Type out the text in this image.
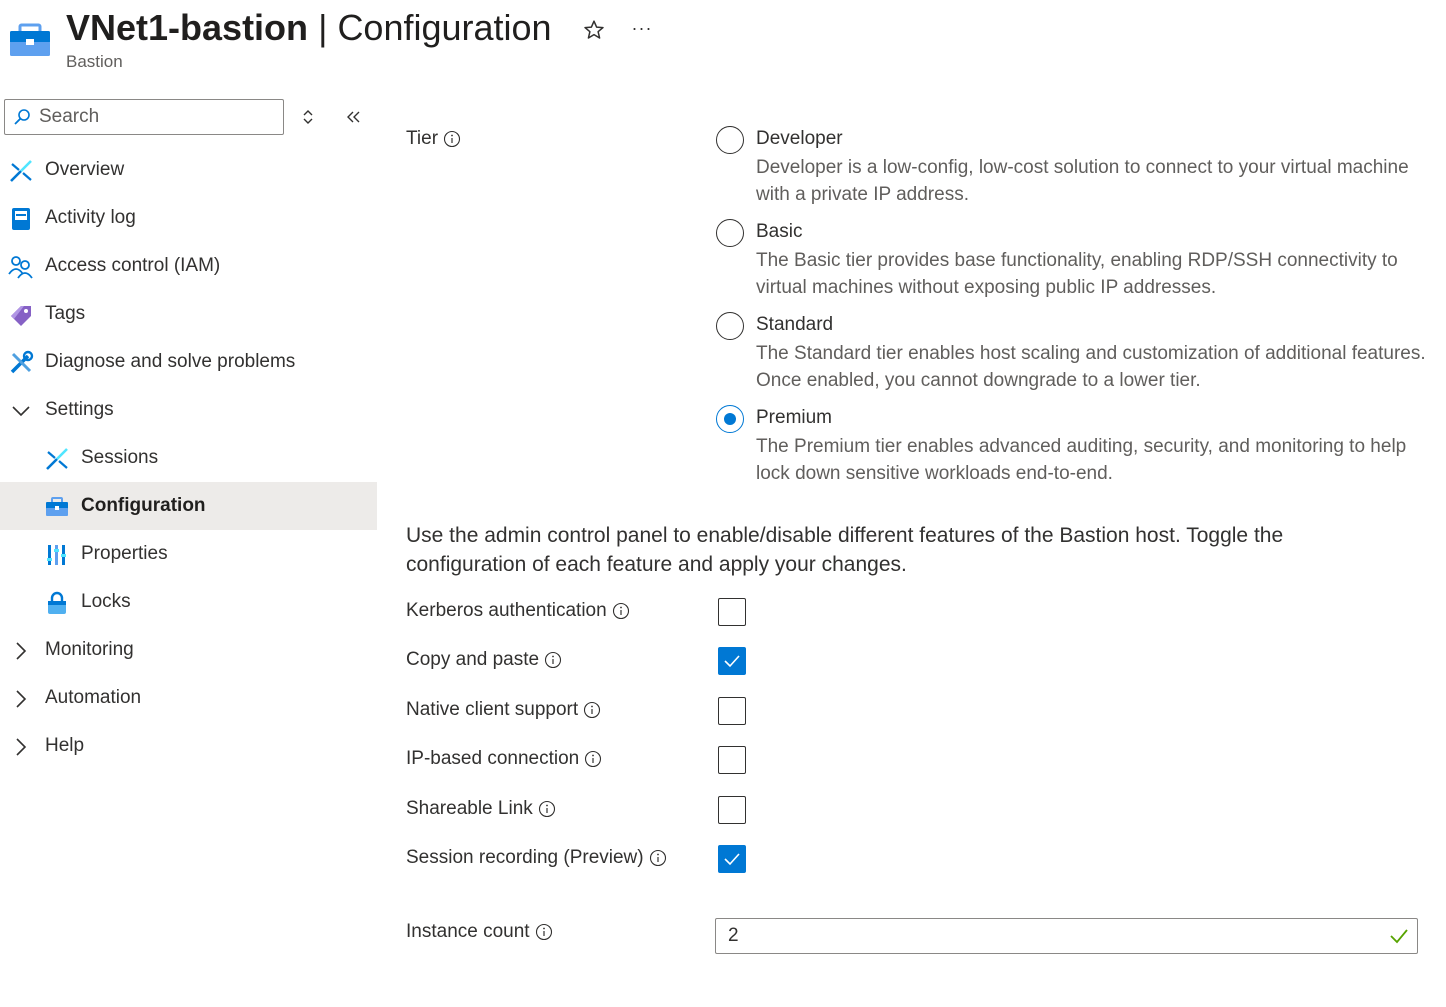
VNet1-bastion | Configuration
Bastion
···
Search
Overview
Activity log
Access control (IAM)
Tags
Diagnose and solve problems
Settings
Sessions
Configuration
Properties
Locks
Monitoring
Automation
Help
Tier	Developer
Developer is a low-config, low-cost solution to connect to your virtual machine with a private IP address.
Basic
The Basic tier provides base functionality, enabling RDP/SSH connectivity to virtual machines without exposing public IP addresses.
Standard
The Standard tier enables host scaling and customization of additional features. Once enabled, you cannot downgrade to a lower tier.
Premium
The Premium tier enables advanced auditing, security, and monitoring to help lock down sensitive workloads end-to-end.
Use the admin control panel to enable/disable different features of the Bastion host. Toggle the configuration of each feature and apply your changes.
Kerberos authentication
Copy and paste
Native client support
IP-based connection
Shareable Link
Session recording (Preview)
Instance count
2
